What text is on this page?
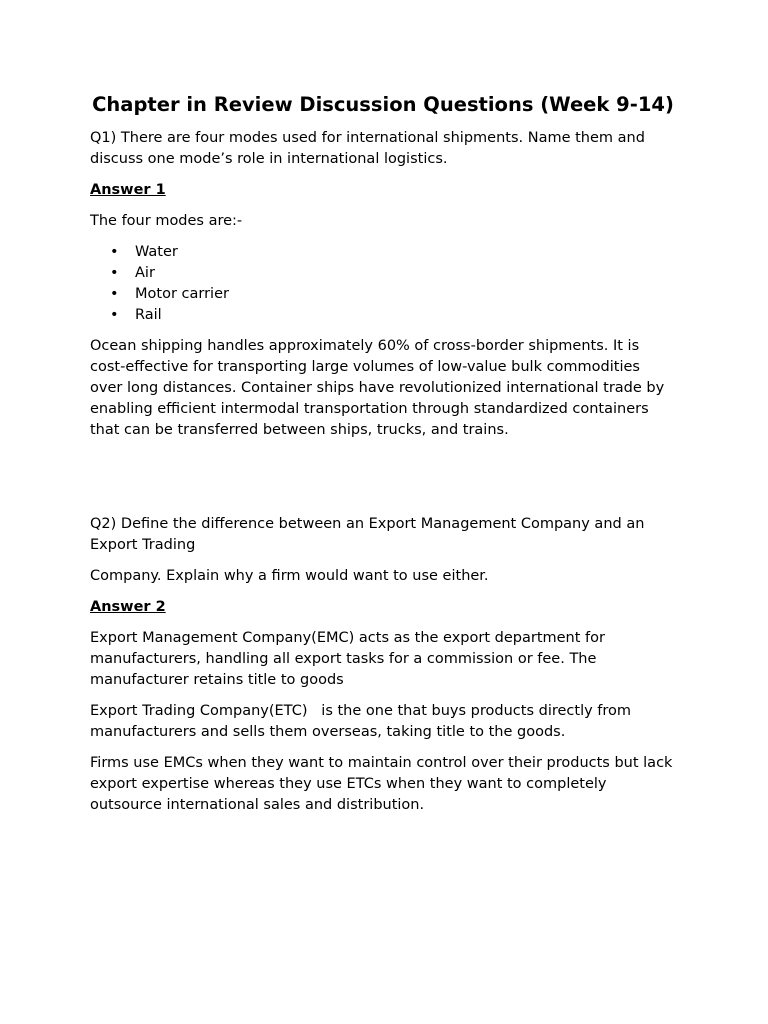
Chapter in Review Discussion Questions (Week 9-14)

Q1) There are four modes used for international shipments. Name them and discuss one mode’s role in international logistics.

Answer 1

The four modes are:-

• Water
• Air
• Motor carrier
• Rail

Ocean shipping handles approximately 60% of cross-border shipments. It is cost-effective for transporting large volumes of low-value bulk commodities over long distances. Container ships have revolutionized international trade by enabling efficient intermodal transportation through standardized containers that can be transferred between ships, trucks, and trains.

Q2) Define the difference between an Export Management Company and an Export Trading

Company. Explain why a firm would want to use either.

Answer 2

Export Management Company(EMC) acts as the export department for manufacturers, handling all export tasks for a commission or fee. The manufacturer retains title to goods

Export Trading Company(ETC)   is the one that buys products directly from manufacturers and sells them overseas, taking title to the goods.

Firms use EMCs when they want to maintain control over their products but lack export expertise whereas they use ETCs when they want to completely outsource international sales and distribution.
